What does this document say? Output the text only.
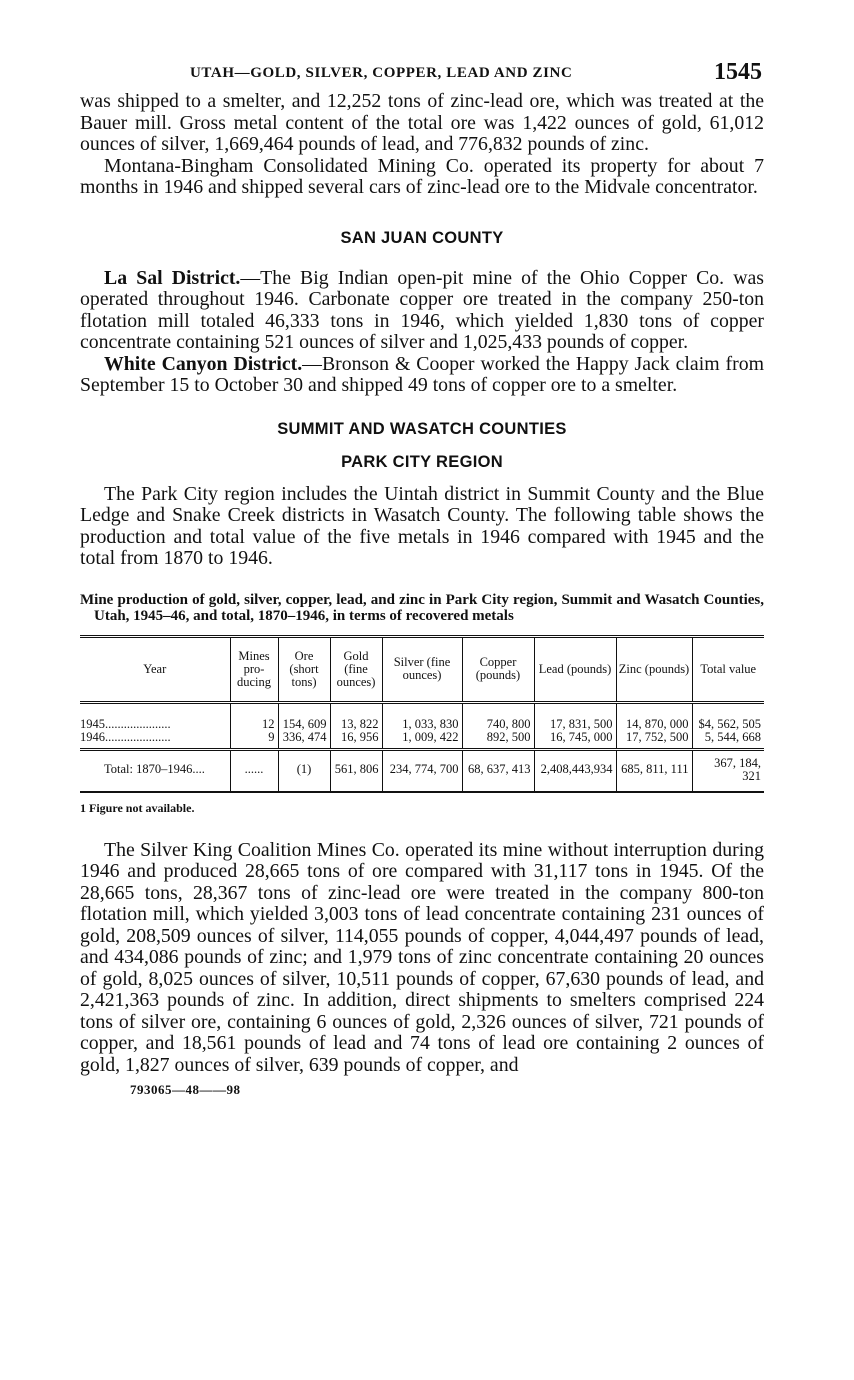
UTAH—GOLD, SILVER, COPPER, LEAD AND ZINC	1545

was shipped to a smelter, and 12,252 tons of zinc-lead ore, which was treated at the Bauer mill. Gross metal content of the total ore was 1,422 ounces of gold, 61,012 ounces of silver, 1,669,464 pounds of lead, and 776,832 pounds of zinc.

Montana-Bingham Consolidated Mining Co. operated its property for about 7 months in 1946 and shipped several cars of zinc-lead ore to the Midvale concentrator.

SAN JUAN COUNTY

La Sal District.—The Big Indian open-pit mine of the Ohio Copper Co. was operated throughout 1946. Carbonate copper ore treated in the company 250-ton flotation mill totaled 46,333 tons in 1946, which yielded 1,830 tons of copper concentrate containing 521 ounces of silver and 1,025,433 pounds of copper.

White Canyon District.—Bronson & Cooper worked the Happy Jack claim from September 15 to October 30 and shipped 49 tons of copper ore to a smelter.

SUMMIT AND WASATCH COUNTIES
PARK CITY REGION

The Park City region includes the Uintah district in Summit County and the Blue Ledge and Snake Creek districts in Wasatch County. The following table shows the production and total value of the five metals in 1946 compared with 1945 and the total from 1870 to 1946.

Mine production of gold, silver, copper, lead, and zinc in Park City region, Summit and Wasatch Counties, Utah, 1945–46, and total, 1870–1946, in terms of recovered metals
Year	Mines pro-ducing	Ore (short tons)	Gold (fine ounces)	Silver (fine ounces)	Copper (pounds)	Lead (pounds)	Zinc (pounds)	Total value
1945.....................	12	154, 609	13, 822	1, 033, 830	740, 800	17, 831, 500	14, 870, 000	$4, 562, 505
1946.....................	9	336, 474	16, 956	1, 009, 422	892, 500	16, 745, 000	17, 752, 500	5, 544, 668
Total: 1870–1946....	......	(1)	561, 806	234, 774, 700	68, 637, 413	2,408,443,934	685, 811, 111	367, 184, 321
1 Figure not available.

The Silver King Coalition Mines Co. operated its mine without interruption during 1946 and produced 28,665 tons of ore compared with 31,117 tons in 1945. Of the 28,665 tons, 28,367 tons of zinc-lead ore were treated in the company 800-ton flotation mill, which yielded 3,003 tons of lead concentrate containing 231 ounces of gold, 208,509 ounces of silver, 114,055 pounds of copper, 4,044,497 pounds of lead, and 434,086 pounds of zinc; and 1,979 tons of zinc concentrate containing 20 ounces of gold, 8,025 ounces of silver, 10,511 pounds of copper, 67,630 pounds of lead, and 2,421,363 pounds of zinc. In addition, direct shipments to smelters comprised 224 tons of silver ore, containing 6 ounces of gold, 2,326 ounces of silver, 721 pounds of copper, and 18,561 pounds of lead and 74 tons of lead ore containing 2 ounces of gold, 1,827 ounces of silver, 639 pounds of copper, and

793065—48——98
